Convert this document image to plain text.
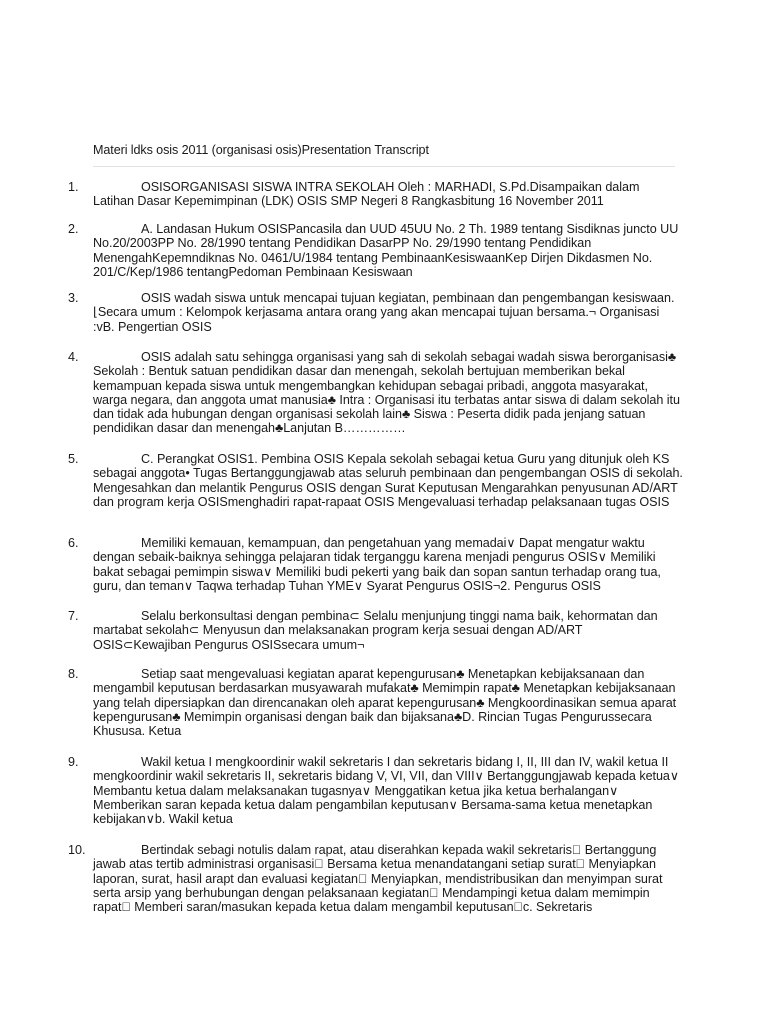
Materi ldks osis 2011 (organisasi osis)Presentation Transcript
1.	OSISORGANISASI SISWA INTRA SEKOLAH Oleh : MARHADI, S.Pd.Disampaikan dalam Latihan Dasar Kepemimpinan (LDK) OSIS SMP Negeri 8 Rangkasbitung 16 November 2011
2.	A. Landasan Hukum OSISPancasila dan UUD 45UU No. 2 Th. 1989 tentang Sisdiknas juncto UU No.20/2003PP No. 28/1990 tentang Pendidikan DasarPP No. 29/1990 tentang Pendidikan MenengahKepemndiknas No. 0461/U/1984 tentang PembinaanKesiswaanKep Dirjen Dikdasmen No. 201/C/Kep/1986 tentangPedoman Pembinaan Kesiswaan
3.	OSIS wadah siswa untuk mencapai tujuan kegiatan, pembinaan dan pengembangan kesiswaan.⌊Secara umum : Kelompok kerjasama antara orang yang akan mencapai tujuan bersama.¬ Organisasi :vB. Pengertian OSIS
4.	OSIS adalah satu sehingga organisasi yang sah di sekolah sebagai wadah siswa berorganisasi♣ Sekolah : Bentuk satuan pendidikan dasar dan menengah, sekolah bertujuan memberikan bekal kemampuan kepada siswa untuk mengembangkan kehidupan sebagai pribadi, anggota masyarakat, warga negara, dan anggota umat manusia♣ Intra : Organisasi itu terbatas antar siswa di dalam sekolah itu dan tidak ada hubungan dengan organisasi sekolah lain♣ Siswa : Peserta didik pada jenjang satuan pendidikan dasar dan menengah♣Lanjutan B……………
5.	C. Perangkat OSIS1. Pembina OSIS Kepala sekolah sebagai ketua Guru yang ditunjuk oleh KS sebagai anggota• Tugas Bertanggungjawab atas seluruh pembinaan dan pengembangan OSIS di sekolah. Mengesahkan dan melantik Pengurus OSIS dengan Surat Keputusan Mengarahkan penyusunan AD/ART dan program kerja OSISmenghadiri rapat-rapaat OSIS Mengevaluasi terhadap pelaksanaan tugas OSIS
6.	Memiliki kemauan, kemampuan, dan pengetahuan yang memadai∨ Dapat mengatur waktu dengan sebaik-baiknya sehingga pelajaran tidak terganggu karena menjadi pengurus OSIS∨ Memiliki bakat sebagai pemimpin siswa∨ Memiliki budi pekerti yang baik dan sopan santun terhadap orang tua, guru, dan teman∨ Taqwa terhadap Tuhan YME∨ Syarat Pengurus OSIS¬2. Pengurus OSIS
7.	Selalu berkonsultasi dengan pembina⊂ Selalu menjunjung tinggi nama baik, kehormatan dan martabat sekolah⊂ Menyusun dan melaksanakan program kerja sesuai dengan AD/ART OSIS⊂Kewajiban Pengurus OSISsecara umum¬
8.	Setiap saat mengevaluasi kegiatan aparat kepengurusan♣ Menetapkan kebijaksanaan dan mengambil keputusan berdasarkan musyawarah mufakat♣ Memimpin rapat♣ Menetapkan kebijaksanaan yang telah dipersiapkan dan direncanakan oleh aparat kepengurusan♣ Mengkoordinasikan semua aparat kepengurusan♣ Memimpin organisasi dengan baik dan bijaksana♣D. Rincian Tugas Pengurussecara Khususa. Ketua
9.	Wakil ketua I mengkoordinir wakil sekretaris I dan sekretaris bidang I, II, III dan IV, wakil ketua II mengkoordinir wakil sekretaris II, sekretaris bidang V, VI, VII, dan VIII∨ Bertanggungjawab kepada ketua∨ Membantu ketua dalam melaksanakan tugasnya∨ Menggatikan ketua jika ketua berhalangan∨ Memberikan saran kepada ketua dalam pengambilan keputusan∨ Bersama-sama ketua menetapkan kebijakan∨b. Wakil ketua
10.	Bertindak sebagi notulis dalam rapat, atau diserahkan kepada wakil sekretaris􀀀 Bertanggung jawab atas tertib administrasi organisasi􀀀 Bersama ketua menandatangani setiap surat􀀀 Menyiapkan laporan, surat, hasil arapt dan evaluasi kegiatan􀀀 Menyiapkan, mendistribusikan dan menyimpan surat serta arsip yang berhubungan dengan pelaksanaan kegiatan􀀀 Mendampingi ketua dalam memimpin rapat􀀀 Memberi saran/masukan kepada ketua dalam mengambil keputusan􀀀c. Sekretaris
